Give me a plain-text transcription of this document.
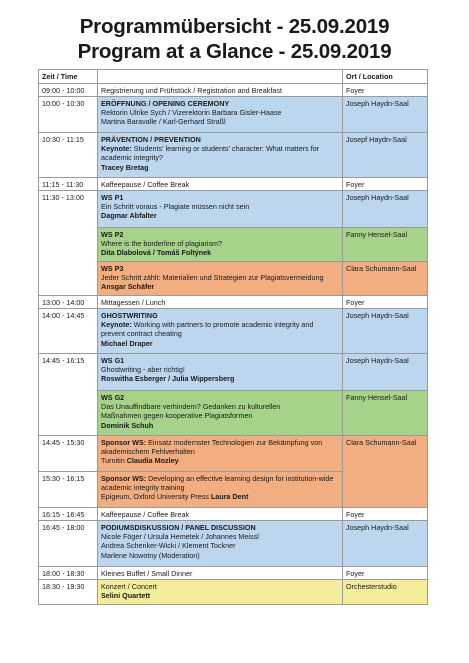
Programmübersicht - 25.09.2019
Program at a Glance - 25.09.2019
Zeit / Time		Ort / Location
09:00 - 10:00	Registrierung und Frühstück / Registration and Breakfast	Foyer
10:00 - 10:30	ERÖFFNUNG / OPENING CEREMONY
Rektorin Ulrike Sych / Vizerektorin Barbara Gisler-Haase
Martina Baravalle / Karl-Gerhard Straßl	Joseph Haydn-Saal
10:30 - 11:15	PRÄVENTION / PREVENTION
Keynote: Students' learning or students' character: What matters for academic integrity?
Tracey Bretag	Josepf Haydn-Saal
11:15 - 11:30	Kaffeepause / Coffee Break	Foyer
11:30 - 13:00	WS P1
Ein Schritt voraus - Plagiate müssen nicht sein
Dagmar Abfalter	Joseph Haydn-Saal

	WS P2
Where is the borderline of plagiarism?
Dita Dlabolová / Tomáš Foltýnek	Fanny Hensel-Saal

	WS P3
Jeder Schritt zählt: Materialien und Strategien zur Plagiatsvermeidung
Ansgar Schäfer	Clara Schumann-Saal
13:00 - 14:00	Mittagessen / Lunch	Foyer
14:00 - 14:45	GHOSTWRITING
Keynote: Working with partners to promote academic integrity and prevent contract cheating
Michael Draper	Joseph Haydn-Saal
14:45 - 16:15	WS G1
Ghostwriting - aber richtig!
Roswitha Esberger / Julia Wippersberg	Joseph Haydn-Saal

	WS G2
Das Unauffindbare verhindern? Gedanken zu kulturellen
Maßnahmen gegen kooperative Plagiatsformen
Dominik Schuh	Fanny Hensel-Saal
14:45 - 15:30	Sponsor WS: Einsatz modernster Technologien zur Bekämpfung von akademischem Fehlverhalten
Turnitin Claudia Mozley	Clara Schumann-Saal
15:30 - 16:15	Sponsor WS: Developing an effective learning design for institution-wide academic integrity training
Epigeum, Oxford University Press Laura Dent	

16:15 - 16:45	Kaffeepause / Coffee Break	Foyer
16:45 - 18:00	PODIUMSDISKUSSION / PANEL DISCUSSION
Nicole Föger / Ursula Hemetek / Johannes Meissl
Andrea Schenker-Wicki / Klement Tockner
Marlene Nowotny (Moderation)	Joseph Haydn-Saal
18:00 - 18:30	Kleines Buffet / Small Dinner	Foyer
18:30 - 19:30	Konzert / Concert
Selini Quartett	Orchesterstudio
